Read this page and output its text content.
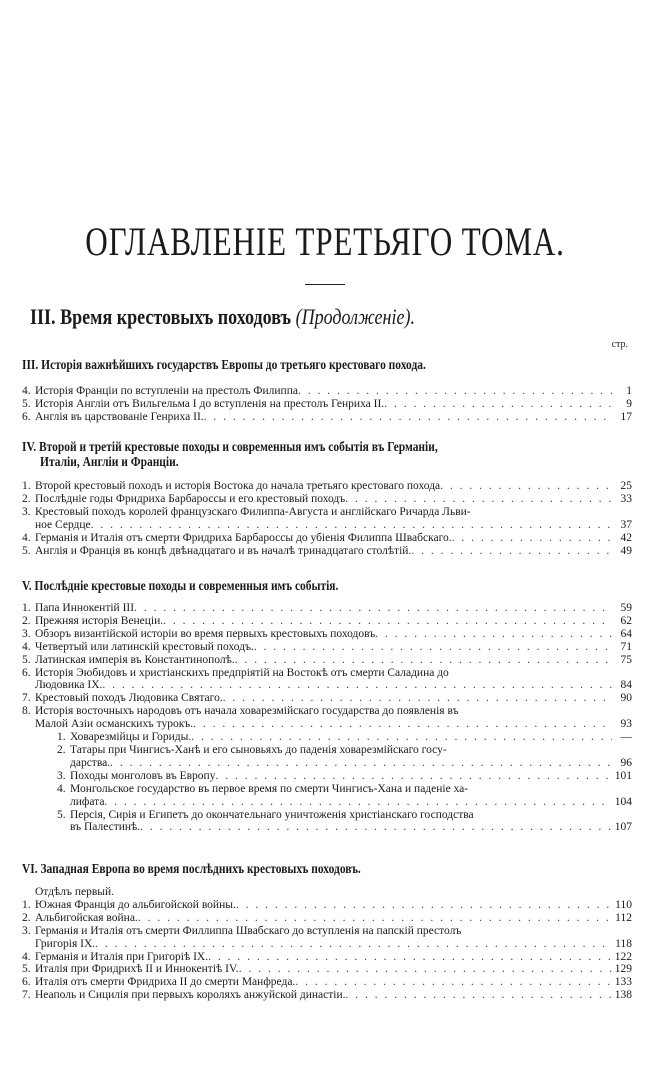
ОГЛАВЛЕНІЕ ТРЕТЬЯГО ТОМА.
III. Время крестовыхъ походовъ (Продолженіе).
стр.
III. Исторія важнѣйшихъ государствъ Европы до третьяго крестоваго похода.
4. Исторія Франціи по вступленіи на престолъ Филиппа . . .	1
5. Исторія Англіи отъ Вильгельма I до вступленія на престолъ Генриха II. . . .	9
6. Англія въ царствованіе Генриха II. . . .	17
IV. Второй и третій крестовые походы и современныя имъ событія въ Германіи,
Италіи, Англіи и Франціи.
1. Второй крестовый походъ и исторія Востока до начала третьяго крестоваго похода . . .	25
2. Послѣдніе годы Фридриха Барбароссы и его крестовый походъ . . .	33
3. Крестовый походъ королей французскаго Филиппа-Августа и англійскаго Ричарда Льви-
ное Сердце . . .	37
4. Германія и Италія отъ смерти Фридриха Барбароссы до убіенія Филиппа Швабскаго. . . .	42
5. Англія и Франція въ концѣ двѣнадцатаго и въ началѣ тринадцатаго столѣтій. . . .	49
V. Послѣдніе крестовые походы и современныя имъ событія.
1. Папа Иннокентій III . . .	59
2. Прежняя исторія Венеціи. . . .	62
3. Обзоръ византійской исторіи во время первыхъ крестовыхъ походовъ . . .	64
4. Четвертый или латинскій крестовый походъ. . . .	71
5. Латинская имперія въ Константинополѣ. . . .	75
6. Исторія Эюбидовъ и христіанскихъ предпріятій на Востокѣ отъ смерти Саладина до
Людовика IX. . . .	84
7. Крестовый походъ Людовика Святаго. . . .	90
8. Исторія восточныхъ народовъ отъ начала ховарезмійскаго государства до появленія въ
Малой Азіи османскихъ турокъ. . . .	93
1. Ховарезмійцы и Гориды. . . .	—
2. Татары при Чингисъ-Ханѣ и его сыновьяхъ до паденія ховарезмійскаго госу-
дарства. . . .	96
3. Походы монголовъ въ Европу . . .	101
4. Монгольское государство въ первое время по смерти Чингисъ-Хана и паденіе ха-
лифата . . .	104
5. Персія, Сирія и Египетъ до окончательнаго уничтоженія христіанскаго господства
въ Палестинѣ. . . .	107
VI. Западная Европа во время послѣднихъ крестовыхъ походовъ.
Отдѣлъ первый.
1. Южная Франція до альбигойской войны. . . .	110
2. Альбигойская война. . . .	112
3. Германія и Италія отъ смерти Филлиппа Швабскаго до вступленія на папскій престолъ
Григорія IX. . . .	118
4. Германія и Италія при Григоріѣ IX. . . .	122
5. Италія при Фридрихѣ II и Иннокентіѣ IV. . . .	129
6. Италія отъ смерти Фридриха II до смерти Манфреда. . . .	133
7. Неаполь и Сицилія при первыхъ короляхъ анжуйской династіи. . . .	138
